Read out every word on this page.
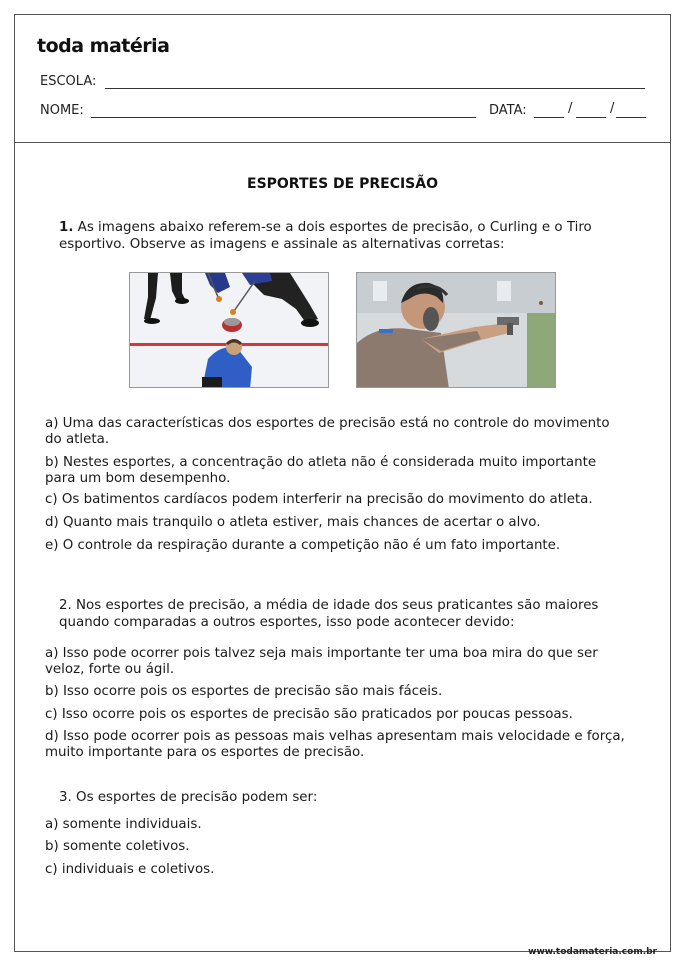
toda matéria
ESCOLA:
NOME:	DATA:	/	/
ESPORTES DE PRECISÃO
1. As imagens abaixo referem-se a dois esportes de precisão, o Curling e o Tiro esportivo. Observe as imagens e assinale as alternativas corretas:
a) Uma das características dos esportes de precisão está no controle do movimento do atleta.
b) Nestes esportes, a concentração do atleta não é considerada muito importante para um bom desempenho.
c) Os batimentos cardíacos podem interferir na precisão do movimento do atleta.
d) Quanto mais tranquilo o atleta estiver, mais chances de acertar o alvo.
e) O controle da respiração durante a competição não é um fato importante.
2. Nos esportes de precisão, a média de idade dos seus praticantes são maiores quando comparadas a outros esportes, isso pode acontecer devido:
a) Isso pode ocorrer pois talvez seja mais importante ter uma boa mira do que ser veloz, forte ou ágil.
b) Isso ocorre pois os esportes de precisão são mais fáceis.
c) Isso ocorre pois os esportes de precisão são praticados por poucas pessoas.
d) Isso pode ocorrer pois as pessoas mais velhas apresentam mais velocidade e força, muito importante para os esportes de precisão.
3. Os esportes de precisão podem ser:
a) somente individuais.
b) somente coletivos.
c) individuais e coletivos.
www.todamateria.com.br
